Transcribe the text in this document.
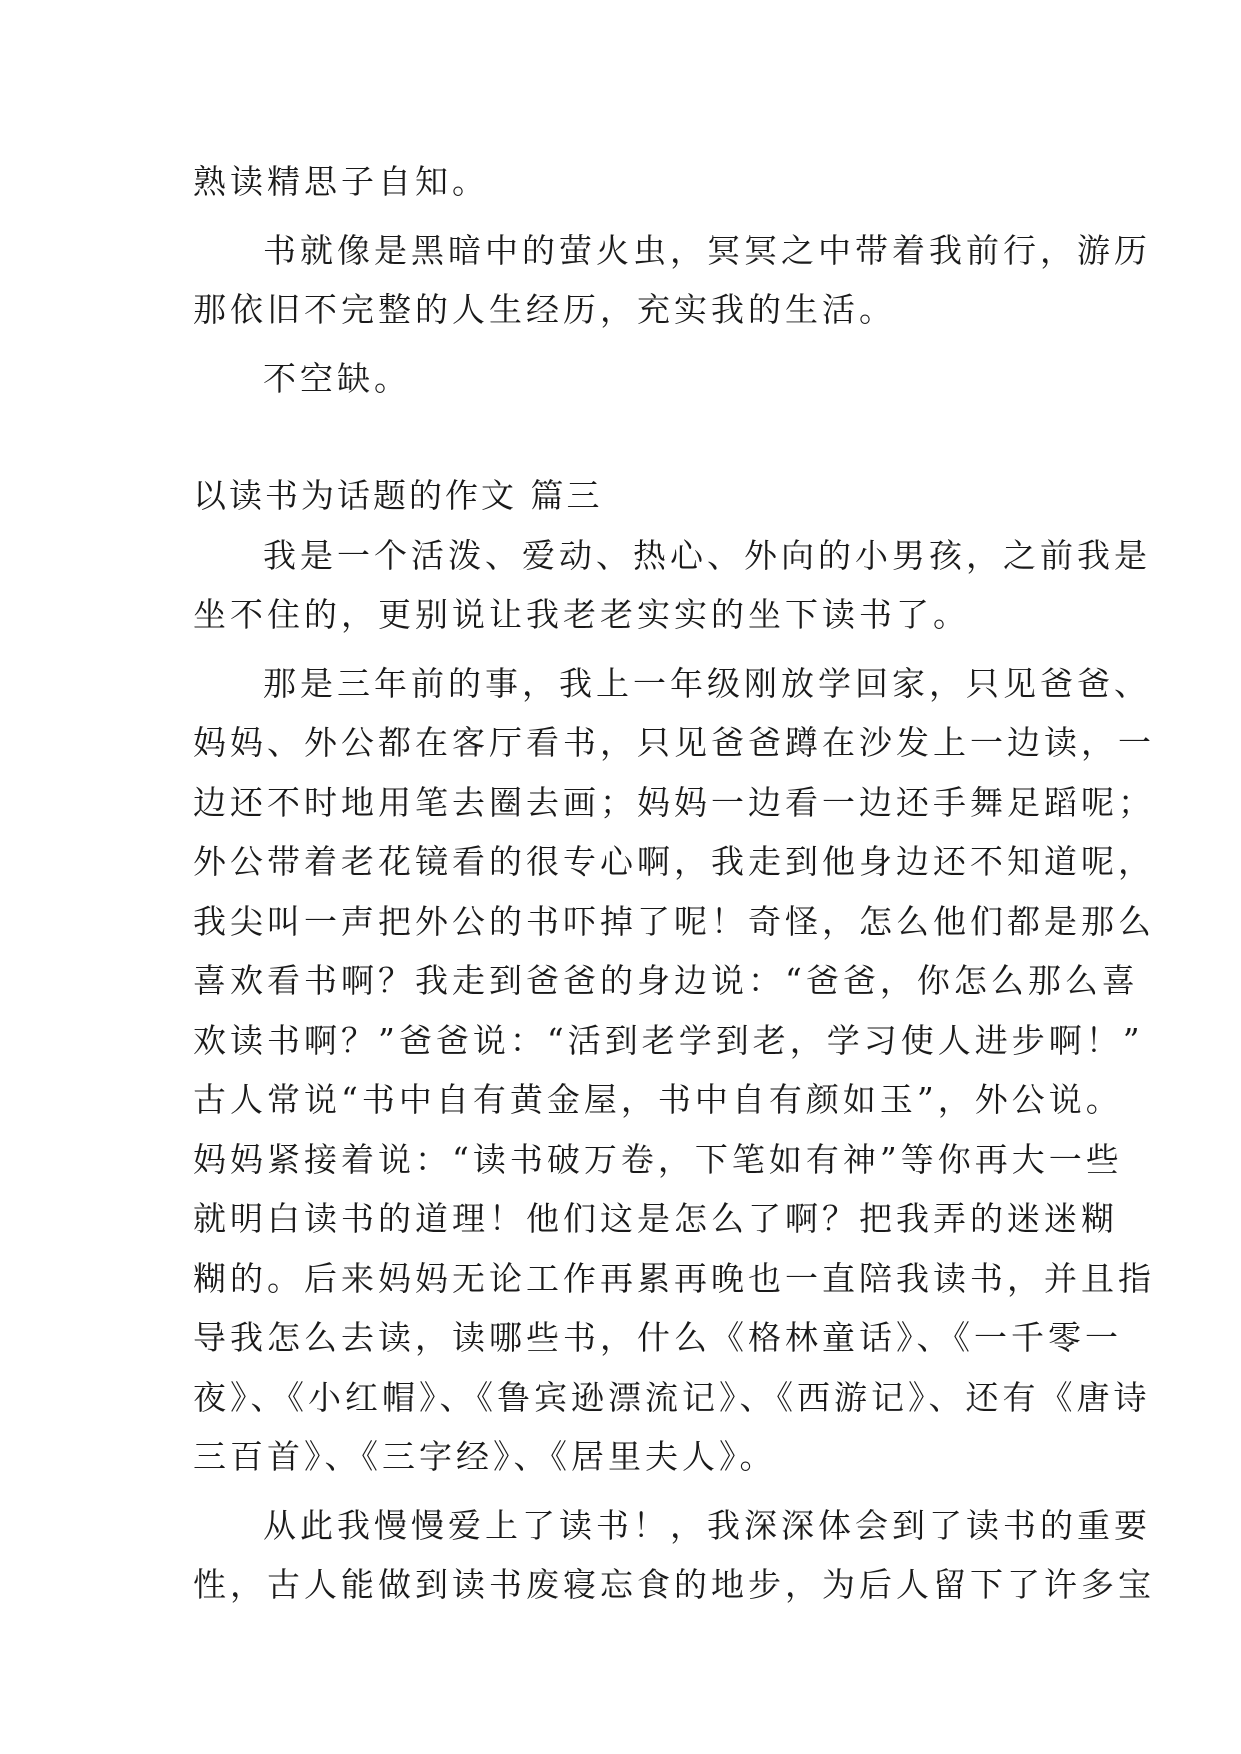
熟读精思子自知。
书就像是黑暗中的萤火虫，冥冥之中带着我前行，游历
那依旧不完整的人生经历，充实我的生活。
不空缺。
以读书为话题的作文 篇三
我是一个活泼、爱动、热心、外向的小男孩，之前我是
坐不住的，更别说让我老老实实的坐下读书了。
那是三年前的事，我上一年级刚放学回家，只见爸爸、
妈妈、外公都在客厅看书，只见爸爸蹲在沙发上一边读，一
边还不时地用笔去圈去画；妈妈一边看一边还手舞足蹈呢；
外公带着老花镜看的很专心啊，我走到他身边还不知道呢，
我尖叫一声把外公的书吓掉了呢！奇怪，怎么他们都是那么
喜欢看书啊？我走到爸爸的身边说：“爸爸，你怎么那么喜
欢读书啊？”爸爸说：“活到老学到老，学习使人进步啊！”
古人常说“书中自有黄金屋，书中自有颜如玉”，外公说。
妈妈紧接着说：“读书破万卷，下笔如有神”等你再大一些
就明白读书的道理！他们这是怎么了啊？把我弄的迷迷糊
糊的。后来妈妈无论工作再累再晚也一直陪我读书，并且指
导我怎么去读，读哪些书，什么《格林童话》、《一千零一
夜》、《小红帽》、《鲁宾逊漂流记》、《西游记》、还有《唐诗
三百首》、《三字经》、《居里夫人》。
从此我慢慢爱上了读书！，我深深体会到了读书的重要
性，古人能做到读书废寝忘食的地步，为后人留下了许多宝
